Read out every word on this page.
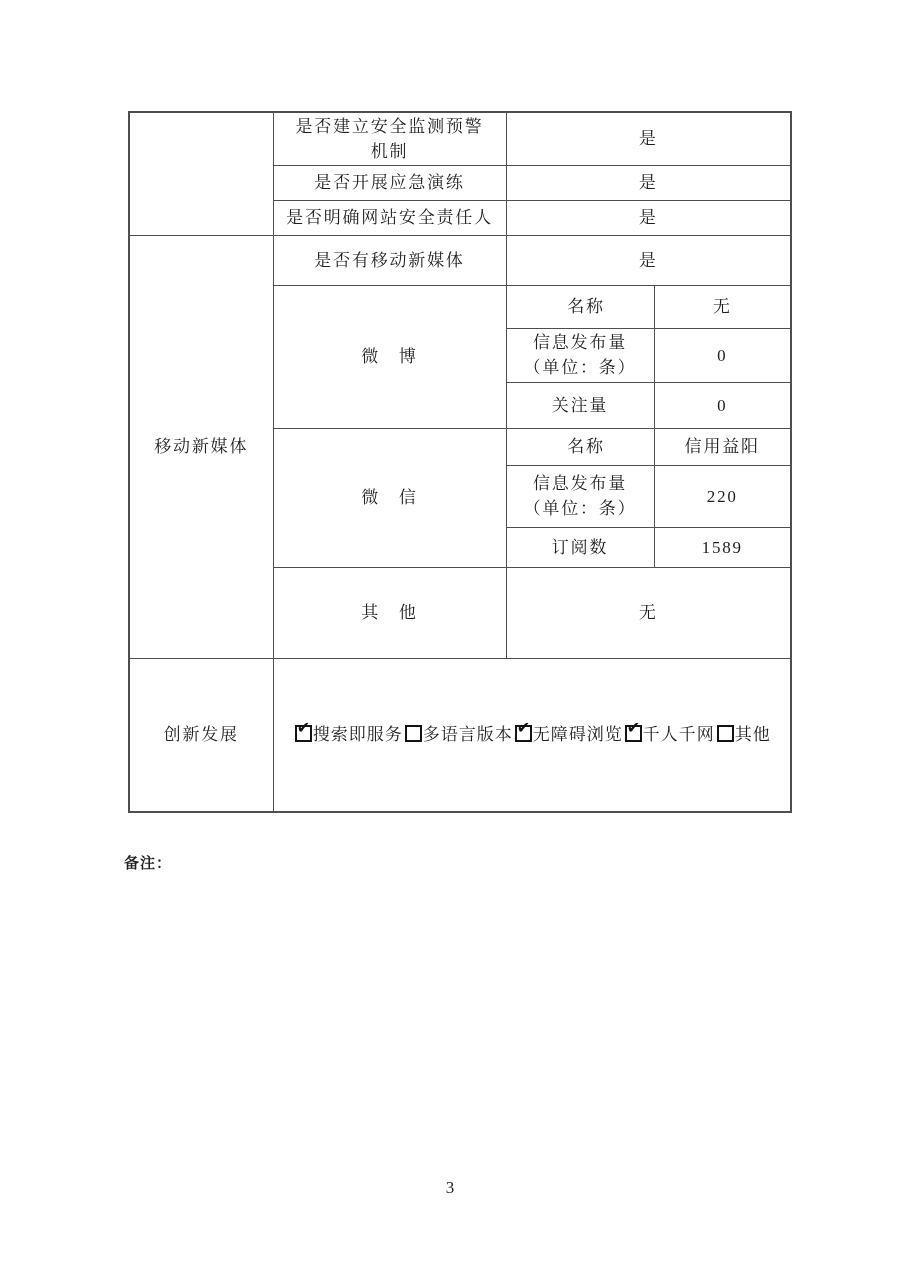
	是否建立安全监测预警
机制	是	
	是否开展应急演练	是	
	是否明确网站安全责任人	是	
移动新媒体	是否有移动新媒体	是	
	微　博	名称	无

		信息发布量
（单位：条）	0
		关注量	0
	微　信	名称	信用益阳

		信息发布量
（单位：条）	220
		订阅数	1589
	其　他	无	
创新发展	✔ 搜索即服务 多语言版本 ✔ 无障碍浏览 ✔ 千人千网 其他
备注：
3
